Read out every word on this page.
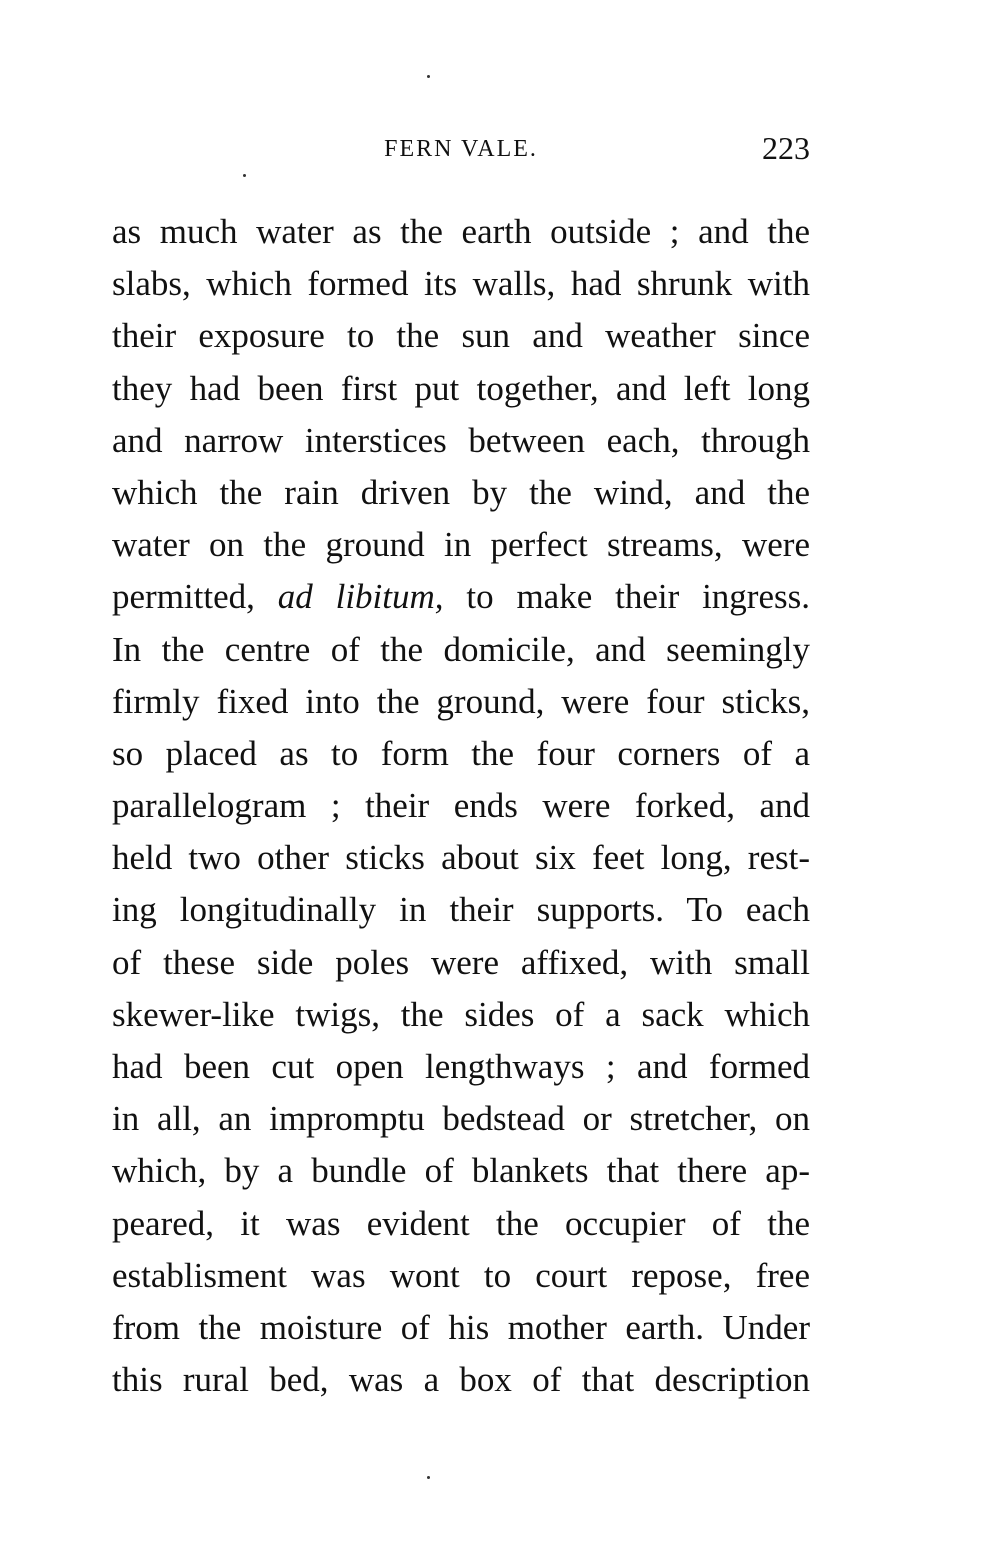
FERN VALE.	223
as much water as the earth outside ; and the
slabs, which formed its walls, had shrunk with
their exposure to the sun and weather since
they had been first put together, and left long
and narrow interstices between each, through
which the rain driven by the wind, and the
water on the ground in perfect streams, were
permitted, ad libitum, to make their ingress.
In the centre of the domicile, and seemingly
firmly fixed into the ground, were four sticks,
so placed as to form the four corners of a
parallelogram ; their ends were forked, and
held two other sticks about six feet long, rest-
ing longitudinally in their supports. To each
of these side poles were affixed, with small
skewer-like twigs, the sides of a sack which
had been cut open lengthways ; and formed
in all, an impromptu bedstead or stretcher, on
which, by a bundle of blankets that there ap-
peared, it was evident the occupier of the
establisment was wont to court repose, free
from the moisture of his mother earth. Under
this rural bed, was a box of that description
